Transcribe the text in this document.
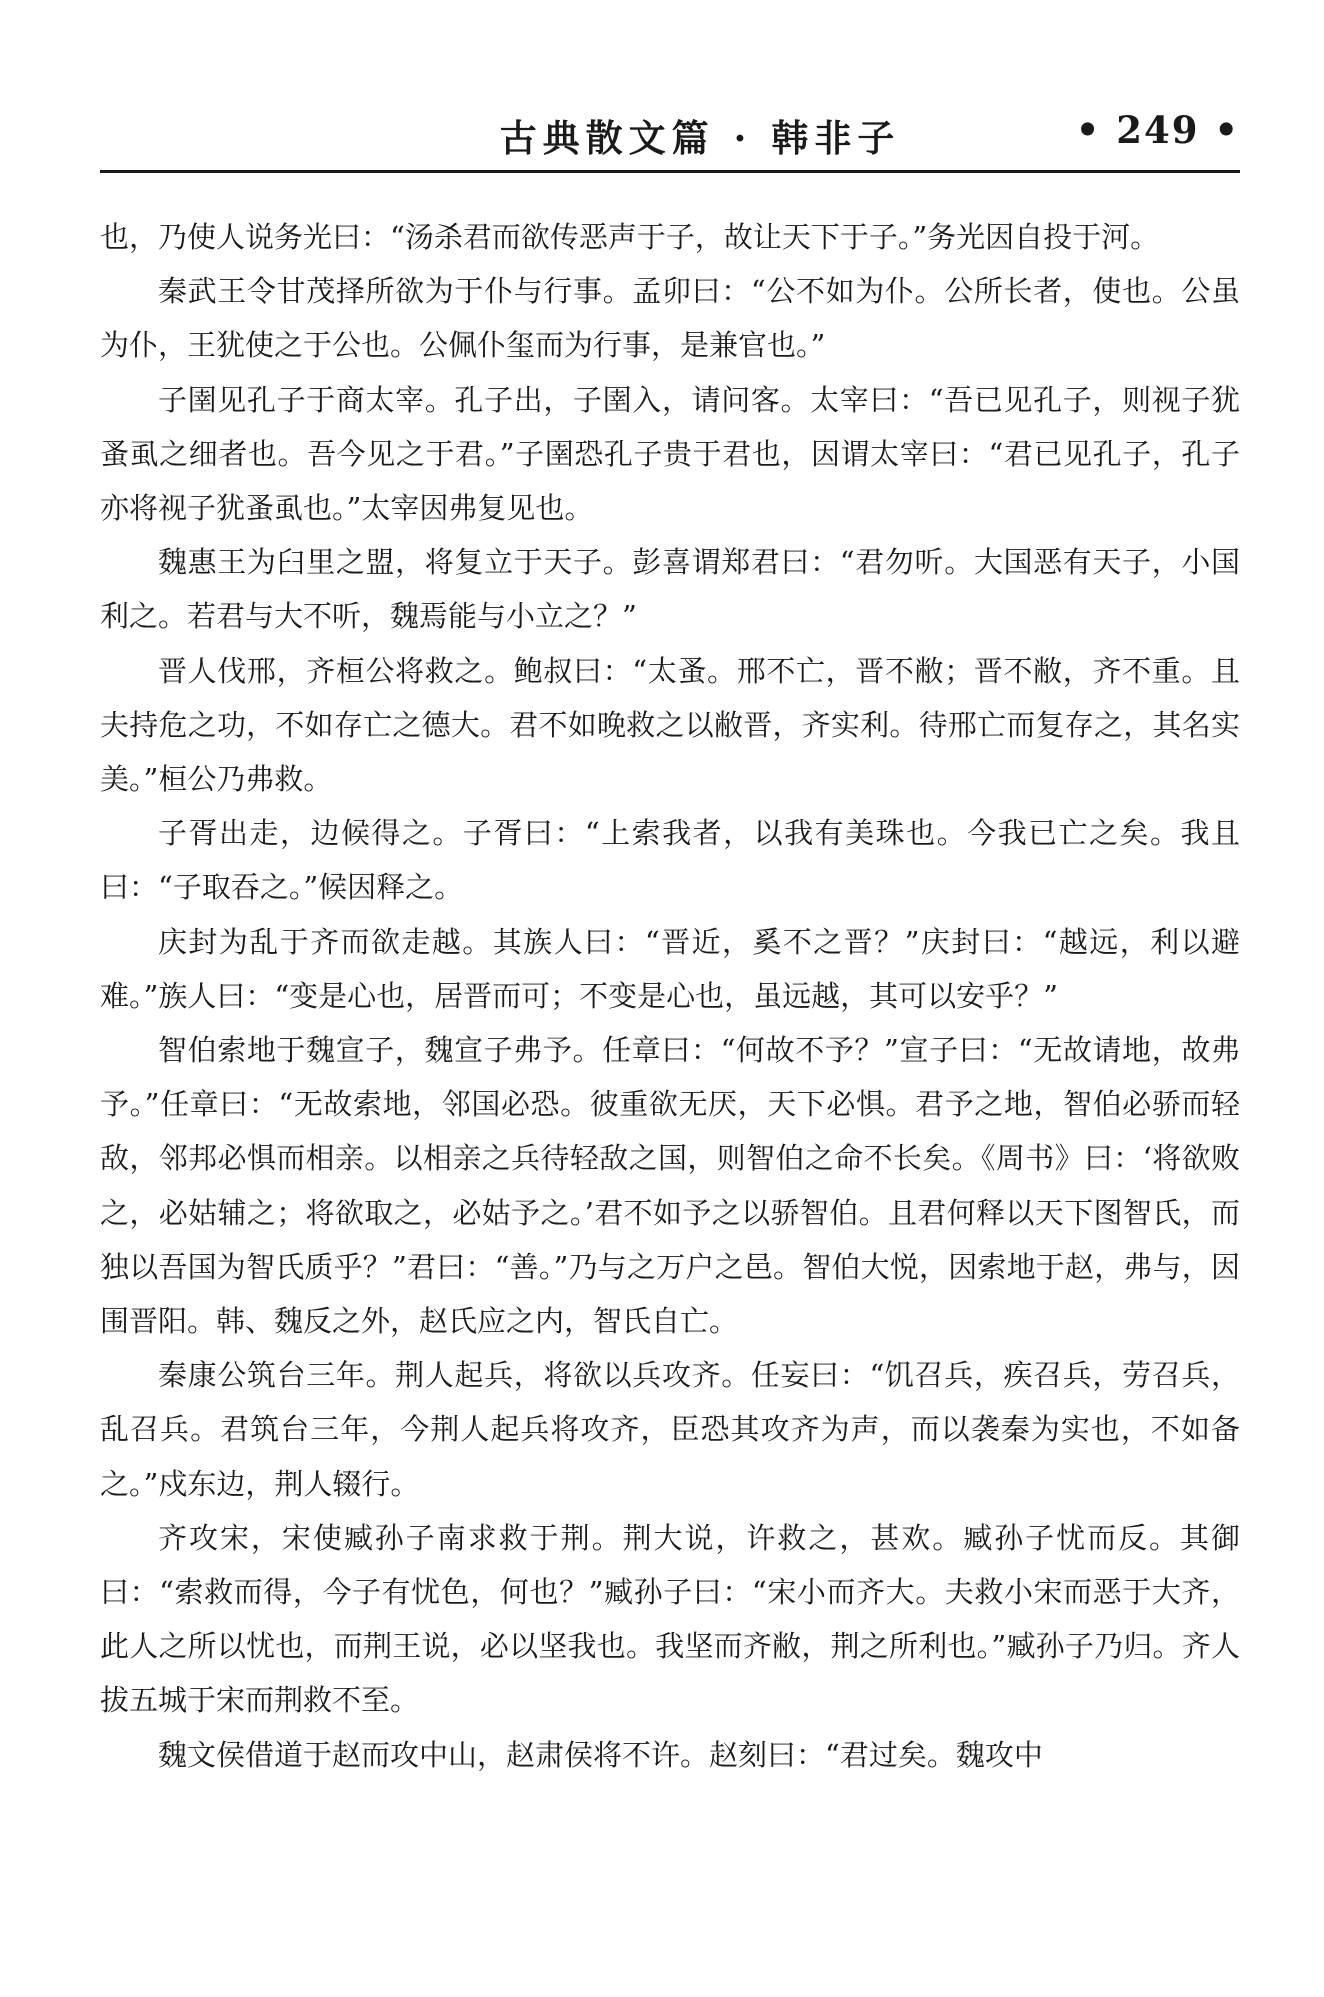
古典散文篇 · 韩非子	• 249 •

也，乃使人说务光曰：“汤杀君而欲传恶声于子，故让天下于子。”务光因自投于河。

秦武王令甘茂择所欲为于仆与行事。孟卯曰：“公不如为仆。公所长者，使也。公虽为仆，王犹使之于公也。公佩仆玺而为行事，是兼官也。”

子圉见孔子于商太宰。孔子出，子圉入，请问客。太宰曰：“吾已见孔子，则视子犹蚤虱之细者也。吾今见之于君。”子圉恐孔子贵于君也，因谓太宰曰：“君已见孔子，孔子亦将视子犹蚤虱也。”太宰因弗复见也。

魏惠王为臼里之盟，将复立于天子。彭喜谓郑君曰：“君勿听。大国恶有天子，小国利之。若君与大不听，魏焉能与小立之？”

晋人伐邢，齐桓公将救之。鲍叔曰：“太蚤。邢不亡，晋不敝；晋不敝，齐不重。且夫持危之功，不如存亡之德大。君不如晚救之以敝晋，齐实利。待邢亡而复存之，其名实美。”桓公乃弗救。

子胥出走，边候得之。子胥曰：“上索我者，以我有美珠也。今我已亡之矣。我且曰：“子取吞之。”候因释之。

庆封为乱于齐而欲走越。其族人曰：“晋近，奚不之晋？”庆封曰：“越远，利以避难。”族人曰：“变是心也，居晋而可；不变是心也，虽远越，其可以安乎？”

智伯索地于魏宣子，魏宣子弗予。任章曰：“何故不予？”宣子曰：“无故请地，故弗予。”任章曰：“无故索地，邻国必恐。彼重欲无厌，天下必惧。君予之地，智伯必骄而轻敌，邻邦必惧而相亲。以相亲之兵待轻敌之国，则智伯之命不长矣。《周书》曰：‘将欲败之，必姑辅之；将欲取之，必姑予之。’君不如予之以骄智伯。且君何释以天下图智氏，而独以吾国为智氏质乎？”君曰：“善。”乃与之万户之邑。智伯大悦，因索地于赵，弗与，因围晋阳。韩、魏反之外，赵氏应之内，智氏自亡。

秦康公筑台三年。荆人起兵，将欲以兵攻齐。任妄曰：“饥召兵，疾召兵，劳召兵，乱召兵。君筑台三年，今荆人起兵将攻齐，臣恐其攻齐为声，而以袭秦为实也，不如备之。”戍东边，荆人辍行。

齐攻宋，宋使臧孙子南求救于荆。荆大说，许救之，甚欢。臧孙子忧而反。其御曰：“索救而得，今子有忧色，何也？”臧孙子曰：“宋小而齐大。夫救小宋而恶于大齐，此人之所以忧也，而荆王说，必以坚我也。我坚而齐敝，荆之所利也。”臧孙子乃归。齐人拔五城于宋而荆救不至。

魏文侯借道于赵而攻中山，赵肃侯将不许。赵刻曰：“君过矣。魏攻中
